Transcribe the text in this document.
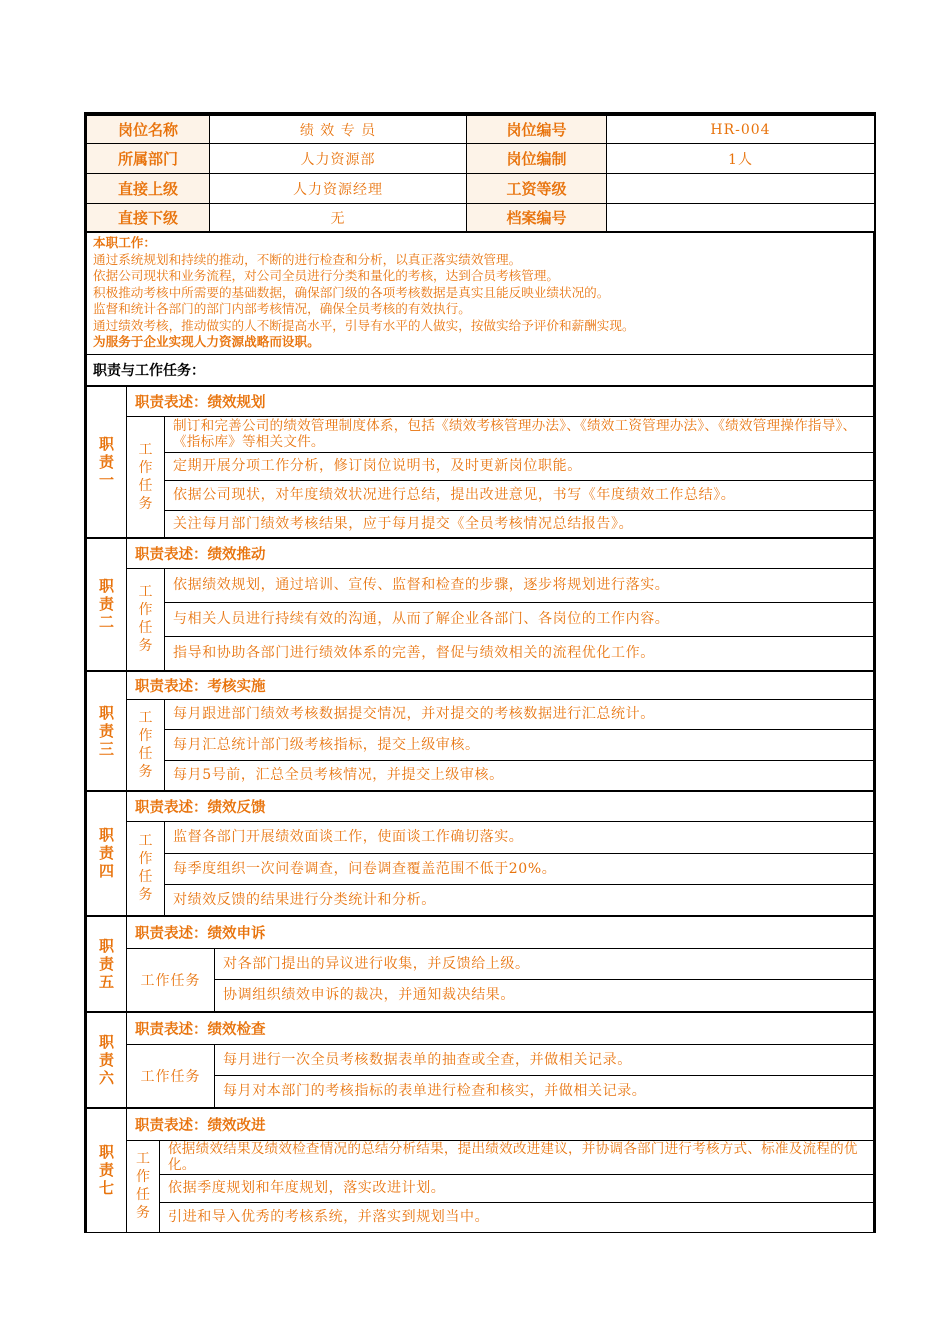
岗位名称	绩 效 专 员	岗位编号	HR-004
所属部门	人力资源部	岗位编制	1人
直接上级	人力资源经理	工资等级	
直接下级	无	档案编号	
本职工作：
通过系统规划和持续的推动，不断的进行检查和分析，以真正落实绩效管理。
依据公司现状和业务流程，对公司全员进行分类和量化的考核，达到合员考核管理。
积极推动考核中所需要的基础数据，确保部门级的各项考核数据是真实且能反映业绩状况的。
监督和统计各部门的部门内部考核情况，确保全员考核的有效执行。
通过绩效考核，推动做实的人不断提高水平，引导有水平的人做实，按做实给予评价和薪酬实现。
为服务于企业实现人力资源战略而设职。

职责与工作任务：
职
责
一	职责表述：绩效规划	

	工
作
任
务	制订和完善公司的绩效管理制度体系，包括《绩效考核管理办法》、《绩效工资管理办法》、《绩效管理操作指导》、《指标库》等相关文件。
		定期开展分项工作分析，修订岗位说明书，及时更新岗位职能。
		依据公司现状，对年度绩效状况进行总结，提出改进意见，书写《年度绩效工作总结》。
		关注每月部门绩效考核结果，应于每月提交《全员考核情况总结报告》。
职
责
二	职责表述：绩效推动	

	工
作
任
务	依据绩效规划，通过培训、宣传、监督和检查的步骤，逐步将规划进行落实。
		与相关人员进行持续有效的沟通，从而了解企业各部门、各岗位的工作内容。
		指导和协助各部门进行绩效体系的完善，督促与绩效相关的流程优化工作。
职
责
三	职责表述：考核实施	

	工
作
任
务	每月跟进部门绩效考核数据提交情况，并对提交的考核数据进行汇总统计。
		每月汇总统计部门级考核指标，提交上级审核。
		每月5号前，汇总全员考核情况，并提交上级审核。
职
责
四	职责表述：绩效反馈	

	工
作
任
务	监督各部门开展绩效面谈工作，使面谈工作确切落实。
		每季度组织一次问卷调查，问卷调查覆盖范围不低于20%。
		对绩效反馈的结果进行分类统计和分析。
职
责
五	职责表述：绩效申诉	
	工作任务	对各部门提出的异议进行收集，并反馈给上级。
		协调组织绩效申诉的裁决，并通知裁决结果。
职
责
六	职责表述：绩效检查	
	工作任务	每月进行一次全员考核数据表单的抽查或全查，并做相关记录。
		每月对本部门的考核指标的表单进行检查和核实，并做相关记录。
职
责
七	职责表述：绩效改进	

	工
作
任
务	依据绩效结果及绩效检查情况的总结分析结果，提出绩效改进建议，并协调各部门进行考核方式、标准及流程的优化。
		依据季度规划和年度规划，落实改进计划。
		引进和导入优秀的考核系统，并落实到规划当中。
